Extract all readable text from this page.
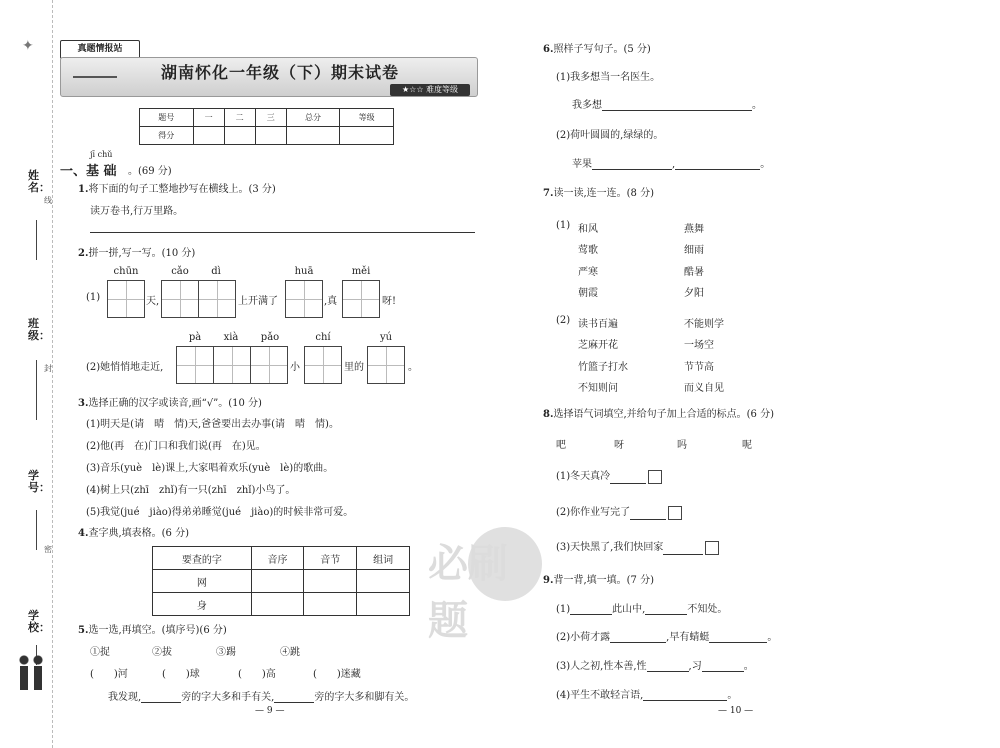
✦
姓名：
线
班级：
封
学号：
密
学校：
真题情报站
湖南怀化一年级（下）期末试卷
★☆☆ 难度等级
题号	一	二	三	总分	等级
得分					
jī chǔ
一、基 础 。(69 分)
1.将下面的句子工整地抄写在横线上。(3 分)
读万卷书,行万里路。
2.拼一拼,写一写。(10 分)
chūn	cǎo	dì	huā	měi
(1)	天,	上开满了	,真	呀!
pà	xià	pǎo	chí	yú
(2)她悄悄地走近,	小	里的	。
3.选择正确的汉字或读音,画“√”。(10 分)
(1)明天是(请　晴　情)天,爸爸要出去办事(请　晴　情)。
(2)他(再　在)门口和我们说(再　在)见。
(3)音乐(yuè　lè)课上,大家唱着欢乐(yuè　lè)的歌曲。
(4)树上只(zhī　zhǐ)有一只(zhī　zhǐ)小鸟了。
(5)我觉(jué　jiào)得弟弟睡觉(jué　jiào)的时候非常可爱。
4.查字典,填表格。(6 分)
要查的字	音序	音节	组词
网			
身			
5.选一选,再填空。(填序号)(6 分)
①捉	②拔	③踢	④跳
(　　)河	(　　)球	(　　)高	(　　)迷藏
我发现,	旁的字大多和手有关,	旁的字大多和脚有关。
— 9 —
必刷题
6.照样子写句子。(5 分)
(1)我多想当一名医生。
我多想	。
(2)荷叶圆圆的,绿绿的。
苹果	,	。
7.读一读,连一连。(8 分)
(1) 和风
莺歌
严寒
朝霞
燕舞
细雨
酷暑
夕阳
(2) 读书百遍
芝麻开花
竹篮子打水
不知则问
不能则学
一场空
节节高
而义自见
8.选择语气词填空,并给句子加上合适的标点。(6 分)
吧	呀	吗	呢
(1)冬天真冷
(2)你作业写完了
(3)天快黑了,我们快回家
9.背一背,填一填。(7 分)
(1)	此山中,	不知处。
(2)小荷才露	,早有蜻蜓	。
(3)人之初,性本善,性	,习	。
(4)平生不敢轻言语,	。
— 10 —
